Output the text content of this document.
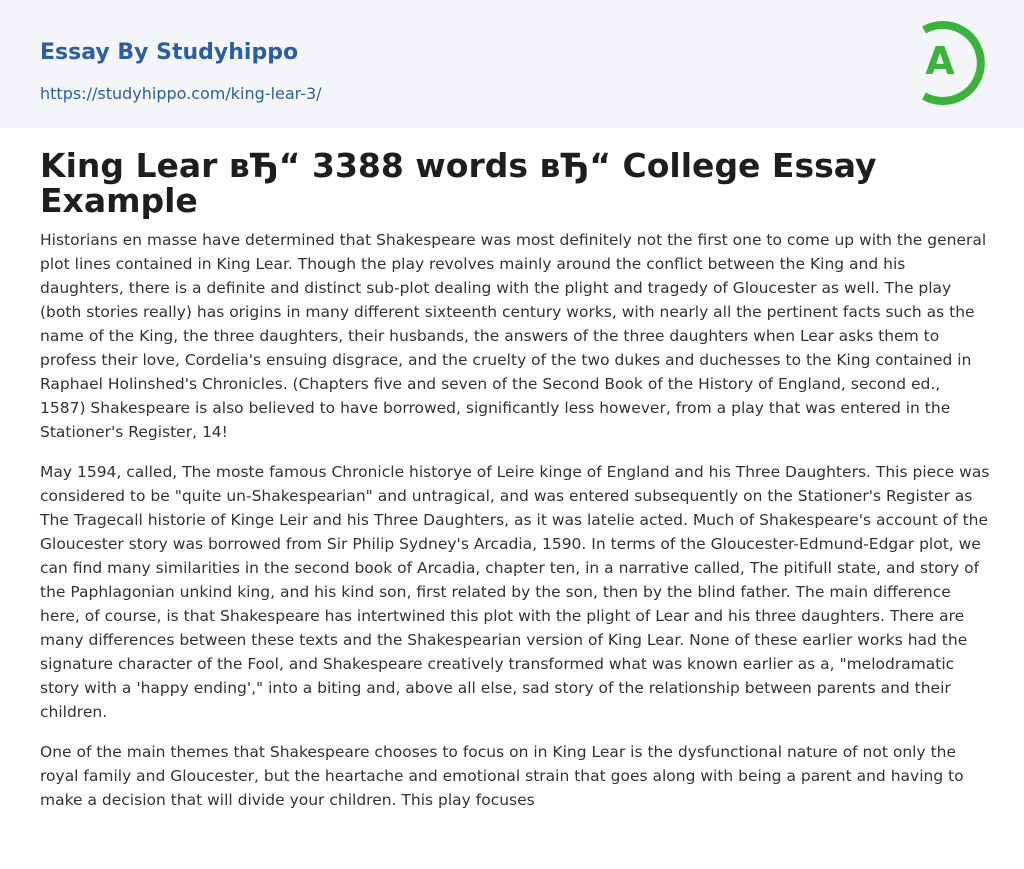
Essay By Studyhippo
https://studyhippo.com/king-lear-3/
A
King Lear вЂ“ 3388 words вЂ“ College Essay Example

Historians en masse have determined that Shakespeare was most definitely not the first one to come up with the general plot lines contained in King Lear. Though the play revolves mainly around the conflict between the King and his daughters, there is a definite and distinct sub-plot dealing with the plight and tragedy of Gloucester as well. The play (both stories really) has origins in many different sixteenth century works, with nearly all the pertinent facts such as the name of the King, the three daughters, their husbands, the answers of the three daughters when Lear asks them to profess their love, Cordelia's ensuing disgrace, and the cruelty of the two dukes and duchesses to the King contained in Raphael Holinshed's Chronicles. (Chapters five and seven of the Second Book of the History of England, second ed., 1587) Shakespeare is also believed to have borrowed, significantly less however, from a play that was entered in the Stationer's Register, 14!

May 1594, called, The moste famous Chronicle historye of Leire kinge of England and his Three Daughters. This piece was considered to be "quite un-Shakespearian" and untragical, and was entered subsequently on the Stationer's Register as The Tragecall historie of Kinge Leir and his Three Daughters, as it was latelie acted. Much of Shakespeare's account of the Gloucester story was borrowed from Sir Philip Sydney's Arcadia, 1590. In terms of the Gloucester-Edmund-Edgar plot, we can find many similarities in the second book of Arcadia, chapter ten, in a narrative called, The pitifull state, and story of the Paphlagonian unkind king, and his kind son, first related by the son, then by the blind father. The main difference here, of course, is that Shakespeare has intertwined this plot with the plight of Lear and his three daughters. There are many differences between these texts and the Shakespearian version of King Lear. None of these earlier works had the signature character of the Fool, and Shakespeare creatively transformed what was known earlier as a, "melodramatic story with a 'happy ending'," into a biting and, above all else, sad story of the relationship between parents and their children.

One of the main themes that Shakespeare chooses to focus on in King Lear is the dysfunctional nature of not only the royal family and Gloucester, but the heartache and emotional strain that goes along with being a parent and having to make a decision that will divide your children. This play focuses
